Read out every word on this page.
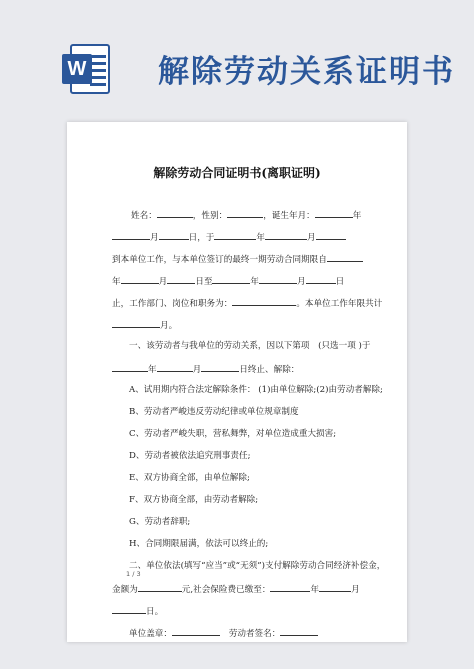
W 解除劳动关系证明书
解除劳动合同证明书(离职证明)
姓名：	，性别：	，诞生年月：	年
月	日，于	年	月
到本单位工作，与本单位签订的最终一期劳动合同期限自
年	月	日至	年	月	日
止，工作部门、岗位和职务为：	。本单位工作年限共计
月。
一、该劳动者与我单位的劳动关系，因以下第项　(只选一项 )于
年	月	日终止、解除：
A、试用期内符合法定解除条件： (1)由单位解除;(2)由劳动者解除;
B、劳动者严峻违反劳动纪律或单位规章制度
C、劳动者严峻失职，营私舞弊，对单位造成重大损害;
D、劳动者被依法追究刑事责任;
E、双方协商全部，由单位解除;
F、双方协商全部，由劳动者解除;
G、劳动者辞职;
H、合同期限届满，依法可以终止的;
二、单位依法(填写“应当”或“无须”)支付解除劳动合同经济补偿金，
金额为	元,社会保险费已缴至：	年	月
日。
单位盖章：	劳动者签名：
1 / 3
